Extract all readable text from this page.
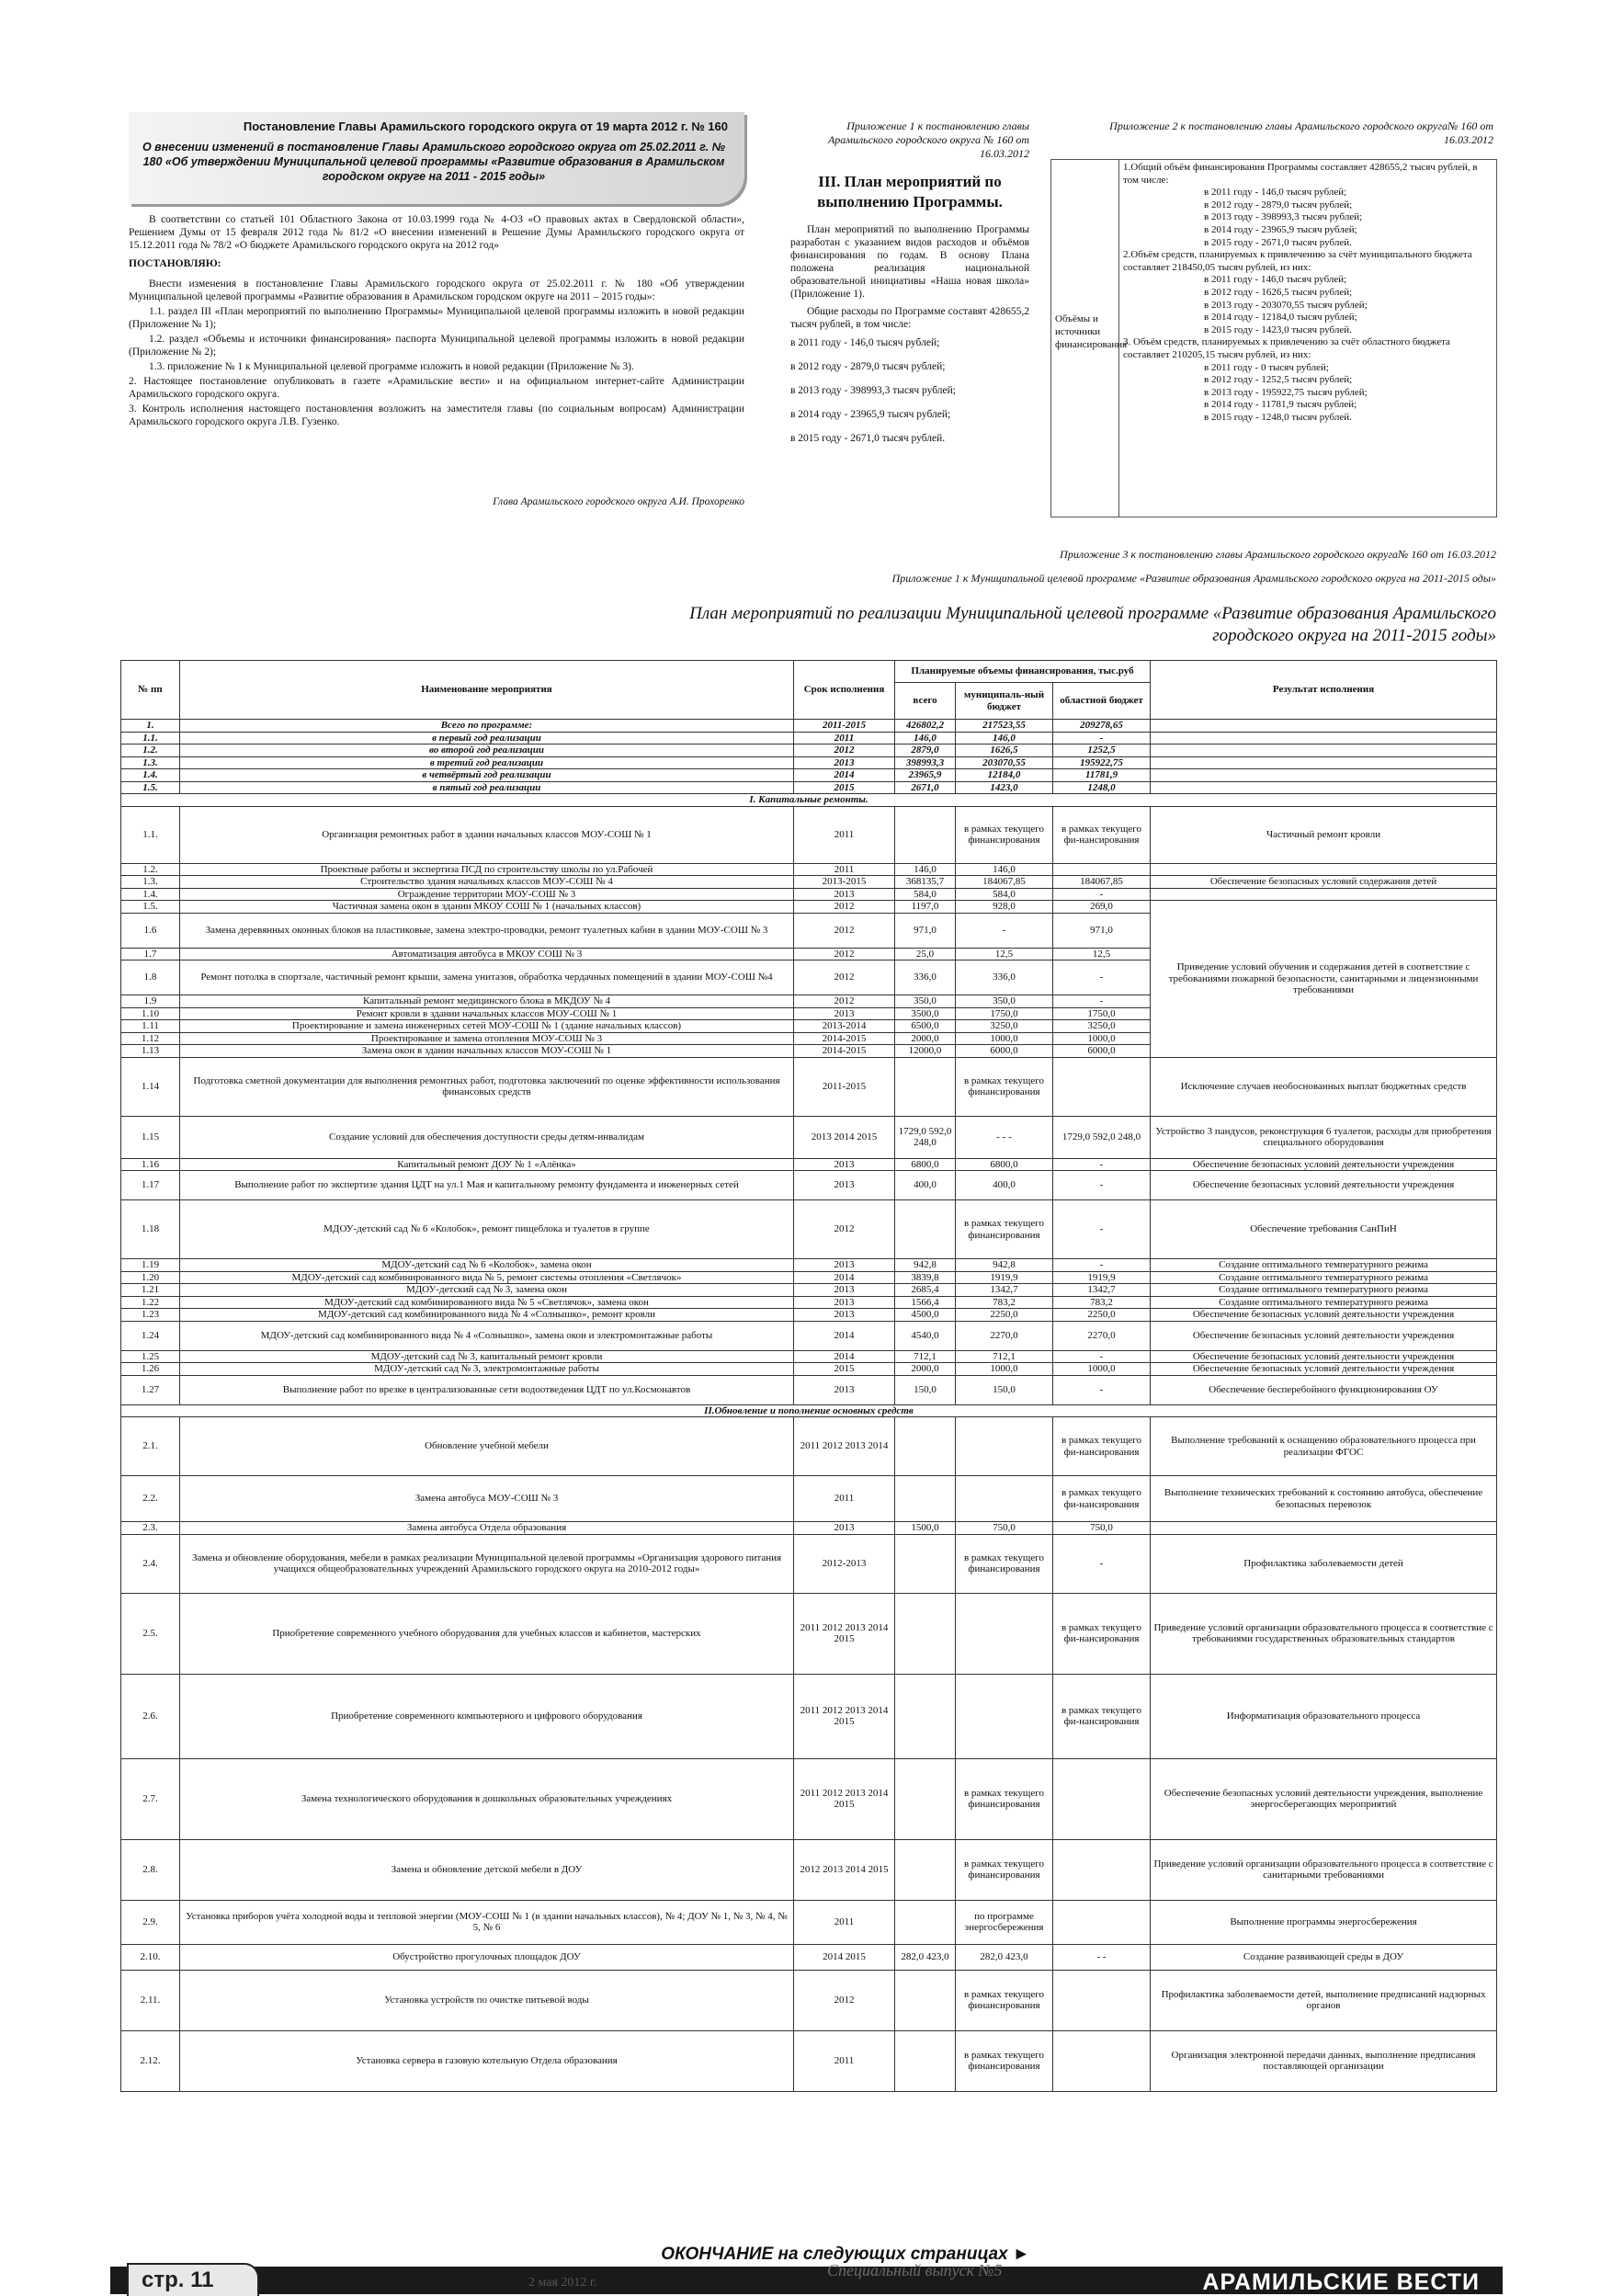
Постановление Главы Арамильского городского округа от 19 марта 2012 г. № 160
О внесении изменений в постановление Главы Арамильского городского округа от 25.02.2011 г. № 180 «Об утверждении Муниципальной целевой программы «Развитие образования в Арамильском городском округе на 2011 - 2015 годы»

В соответствии со статьей 101 Областного Закона от 10.03.1999 года № 4-ОЗ «О правовых актах в Свердловской области», Решением Думы от 15 февраля 2012 года № 81/2 «О внесении изменений в Решение Думы Арамильского городского округа от 15.12.2011 года № 78/2 «О бюджете Арамильского городского округа на 2012 год»

ПОСТАНОВЛЯЮ:

Внести изменения в постановление Главы Арамильского городского округа от 25.02.2011 г. № 180 «Об утверждении Муниципальной целевой программы «Развитие образования в Арамильском городском округе на 2011 – 2015 годы»:

1.1. раздел III «План мероприятий по выполнению Программы» Муниципальной целевой программы изложить в новой редакции (Приложение № 1);

1.2. раздел «Объемы и источники финансирования» паспорта Муниципальной целевой программы изложить в новой редакции (Приложение № 2);

1.3. приложение № 1 к Муниципальной целевой программе изложить в новой редакции (Приложение № 3).

2. Настоящее постановление опубликовать в газете «Арамильские вести» и на официальном интернет-сайте Администрации Арамильского городского округа.

3. Контроль исполнения настоящего постановления возложить на заместителя главы (по социальным вопросам) Администрации Арамильского городского округа Л.В. Гузенко.

Глава Арамильского городского округа А.И. Прохоренко
Приложение 1 к постановлению главы Арамильского городского округа № 160 от 16.03.2012
III. План мероприятий по выполнению Программы.

План мероприятий по выполнению Программы разработан с указанием видов расходов и объёмов финансирования по годам. В основу Плана положена реализация национальной образовательной инициативы «Наша новая школа» (Приложение 1).

Общие расходы по Программе составят 428655,2 тысяч рублей, в том числе:

в 2011 году - 146,0 тысяч рублей;
в 2012 году - 2879,0 тысяч рублей;
в 2013 году - 398993,3 тысяч рублей;
в 2014 году - 23965,9 тысяч рублей;
в 2015 году - 2671,0 тысяч рублей.
Приложение 2 к постановлению главы Арамильского городского округа№ 160 от 16.03.2012
Объёмы и источники финансирования
1.Общий объём финансирования Программы составляет 428655,2 тысяч рублей, в том числе:
в 2011 году - 146,0 тысяч рублей;
в 2012 году - 2879,0 тысяч рублей;
в 2013 году - 398993,3 тысяч рублей;
в 2014 году - 23965,9 тысяч рублей;
в 2015 году - 2671,0 тысяч рублей.
2.Объём средств, планируемых к привлечению за счёт муниципального бюджета составляет 218450,05 тысяч рублей, из них:
в 2011 году - 146,0 тысяч рублей;
в 2012 году - 1626,5 тысяч рублей;
в 2013 году - 203070,55 тысяч рублей;
в 2014 году - 12184,0 тысяч рублей;
в 2015 году - 1423,0 тысяч рублей.
3. Объём средств, планируемых к привлечению за счёт областного бюджета составляет 210205,15 тысяч рублей, из них:
в 2011 году - 0 тысяч рублей;
в 2012 году - 1252,5 тысяч рублей;
в 2013 году - 195922,75 тысяч рублей;
в 2014 году - 11781,9 тысяч рублей;
в 2015 году - 1248,0 тысяч рублей.
Приложение 3 к постановлению главы Арамильского городского округа№ 160 от 16.03.2012
Приложение 1 к Муниципальной целевой программе «Развитие образования Арамильского городского округа на 2011-2015 оды»
План мероприятий по реализации Муниципальной целевой программе «Развитие образования Арамильского городского округа на 2011-2015 годы»
№ пп	Наименование мероприятия	Срок исполнения	Планируемые объемы финансирования, тыс.руб			Результат исполнения
			всего	муниципаль-ный бюджет	областной бюджет	
1.	Всего по программе:	2011-2015	426802,2	217523,55	209278,65	
1.1.	в первый год реализации	2011	146,0	146,0	-	
1.2.	во второй год реализации	2012	2879,0	1626,5	1252,5	
1.3.	в третий год реализации	2013	398993,3	203070,55	195922,75	
1.4.	в четвёртый год реализации	2014	23965,9	12184,0	11781,9	
1.5.	в пятый год реализации	2015	2671,0	1423,0	1248,0	
I. Капитальные ремонты.						
1.1.	Организация ремонтных работ в здании начальных классов МОУ-СОШ № 1	2011		в рамках текущего финансирования	в рамках текущего фи-нансирования	Частичный ремонт кровли
1.2.	Проектные работы и экспертиза ПСД по строительству школы по ул.Рабочей	2011	146,0	146,0		
1.3.	Строительство здания начальных классов МОУ-СОШ № 4	2013-2015	368135,7	184067,85	184067,85	Обеспечение безопасных условий содержания детей
1.4.	Ограждение территории МОУ-СОШ № 3	2013	584,0	584,0	-	
1.5.	Частичная замена окон в здании МКОУ СОШ № 1 (начальных классов)	2012	1197,0	928,0	269,0	Приведение условий обучения и содержания детей в соответствие с требованиями пожарной безопасности, санитарными и лицензионными требованиями
1.6	Замена деревянных оконных блоков на пластиковые, замена электро-проводки, ремонт туалетных кабин в здании МОУ-СОШ № 3	2012	971,0	-	971,0	
1.7	Автоматизация автобуса в МКОУ СОШ № 3	2012	25,0	12,5	12,5	
1.8	Ремонт потолка в спортзале, частичный ремонт крыши, замена унитазов, обработка чердачных помещений в здании МОУ-СОШ №4	2012	336,0	336,0	-	
1.9	Капитальный ремонт медицинского блока в МКДОУ № 4	2012	350,0	350,0	-	
1.10	Ремонт кровли в здании начальных классов МОУ-СОШ № 1	2013	3500,0	1750,0	1750,0	
1.11	Проектирование и замена инженерных сетей МОУ-СОШ № 1 (здание начальных классов)	2013-2014	6500,0	3250,0	3250,0	
1.12	Проектирование и замена отопления МОУ-СОШ № 3	2014-2015	2000,0	1000,0	1000,0	
1.13	Замена окон в здании начальных классов МОУ-СОШ № 1	2014-2015	12000,0	6000,0	6000,0	
1.14	Подготовка сметной документации для выполнения ремонтных работ, подготовка заключений по оценке эффективности использования финансовых средств	2011-2015		в рамках текущего финансирования		Исключение случаев необоснованных выплат бюджетных средств
1.15	Создание условий для обеспечения доступности среды детям-инвалидам	2013 2014 2015	1729,0 592,0 248,0	- - -	1729,0 592,0 248,0	Устройство 3 пандусов, реконструкция 6 туалетов, расходы для приобретения специального оборудования
1.16	Капитальный ремонт ДОУ № 1 «Алёнка»	2013	6800,0	6800,0	-	Обеспечение безопасных условий деятельности учреждения
1.17	Выполнение работ по экспертизе здания ЦДТ на ул.1 Мая и капитальному ремонту фундамента и инженерных сетей	2013	400,0	400,0	-	Обеспечение безопасных условий деятельности учреждения
1.18	МДОУ-детский сад № 6 «Колобок», ремонт пищеблока и туалетов в группе	2012		в рамках текущего финансирования	-	Обеспечение требования СанПиН
1.19	МДОУ-детский сад № 6 «Колобок», замена окон	2013	942,8	942,8	-	Создание оптимального температурного режима
1.20	МДОУ-детский сад комбинированного вида № 5, ремонт системы отопления «Светлячок»	2014	3839,8	1919,9	1919,9	Создание оптимального температурного режима
1.21	МДОУ-детский сад № 3, замена окон	2013	2685,4	1342,7	1342,7	Создание оптимального температурного режима
1.22	МДОУ-детский сад комбинированного вида № 5 «Светлячок», замена окон	2013	1566,4	783,2	783,2	Создание оптимального температурного режима
1.23	МДОУ-детский сад комбинированного вида № 4 «Солнышко», ремонт кровли	2013	4500,0	2250,0	2250,0	Обеспечение безопасных условий деятельности учреждения
1.24	МДОУ-детский сад комбинированного вида № 4 «Солнышко», замена окон и электромонтажные работы	2014	4540,0	2270,0	2270,0	Обеспечение безопасных условий деятельности учреждения
1.25	МДОУ-детский сад № 3, капитальный ремонт кровли	2014	712,1	712,1	-	Обеспечение безопасных условий деятельности учреждения
1.26	МДОУ-детский сад № 3, электромонтажные работы	2015	2000,0	1000,0	1000,0	Обеспечение безопасных условий деятельности учреждения
1.27	Выполнение работ по врезке в централизованные сети водоотведения ЦДТ по ул.Космонавтов	2013	150,0	150,0	-	Обеспечение бесперебойного функционирования ОУ
II.Обновление и пополнение основных средств						
2.1.	Обновление учебной мебели	2011 2012 2013 2014			в рамках текущего фи-нансирования	Выполнение требований к оснащению образовательного процесса при реализации ФГОС
2.2.	Замена автобуса МОУ-СОШ № 3	2011			в рамках текущего фи-нансирования	Выполнение технических требований к состоянию автобуса, обеспечение безопасных перевозок
2.3.	Замена автобуса Отдела образования	2013	1500,0	750,0	750,0	
2.4.	Замена и обновление оборудования, мебели в рамках реализации Муниципальной целевой программы «Организация здорового питания учащихся общеобразовательных учреждений Арамильского городского округа на 2010-2012 годы»	2012-2013		в рамках текущего финансирования	-	Профилактика заболеваемости детей
2.5.	Приобретение современного учебного оборудования для учебных классов и кабинетов, мастерских	2011 2012 2013 2014 2015			в рамках текущего фи-нансирования	Приведение условий организации образовательного процесса в соответствие с требованиями государственных образовательных стандартов
2.6.	Приобретение современного компьютерного и цифрового оборудования	2011 2012 2013 2014 2015			в рамках текущего фи-нансирования	Информатизация образовательного процесса
2.7.	Замена технологического оборудования в дошкольных образовательных учреждениях	2011 2012 2013 2014 2015		в рамках текущего финансирования		Обеспечение безопасных условий деятельности учреждения, выполнение энергосберегающих мероприятий
2.8.	Замена и обновление детской мебели в ДОУ	2012 2013 2014 2015		в рамках текущего финансирования		Приведение условий организации образовательного процесса в соответствие с санитарными требованиями
2.9.	Установка приборов учёта холодной воды и тепловой энергии (МОУ-СОШ № 1 (в здании начальных классов), № 4; ДОУ № 1, № 3, № 4, № 5, № 6	2011		по программе энергосбережения		Выполнение программы энергосбережения
2.10.	Обустройство прогулочных площадок ДОУ	2014 2015	282,0 423,0	282,0 423,0	- -	Создание развивающей среды в ДОУ
2.11.	Установка устройств по очистке питьевой воды	2012		в рамках текущего финансирования		Профилактика заболеваемости детей, выполнение предписаний надзорных органов
2.12.	Установка сервера в газовую котельную Отдела образования	2011		в рамках текущего финансирования		Организация электронной передачи данных, выполнение предписания поставляющей организации
ОКОНЧАНИЕ на следующих страницах ►
стр. 11	2 мая 2012 г.
Специальный выпуск №5	АРАМИЛЬСКИЕ ВЕСТИ
